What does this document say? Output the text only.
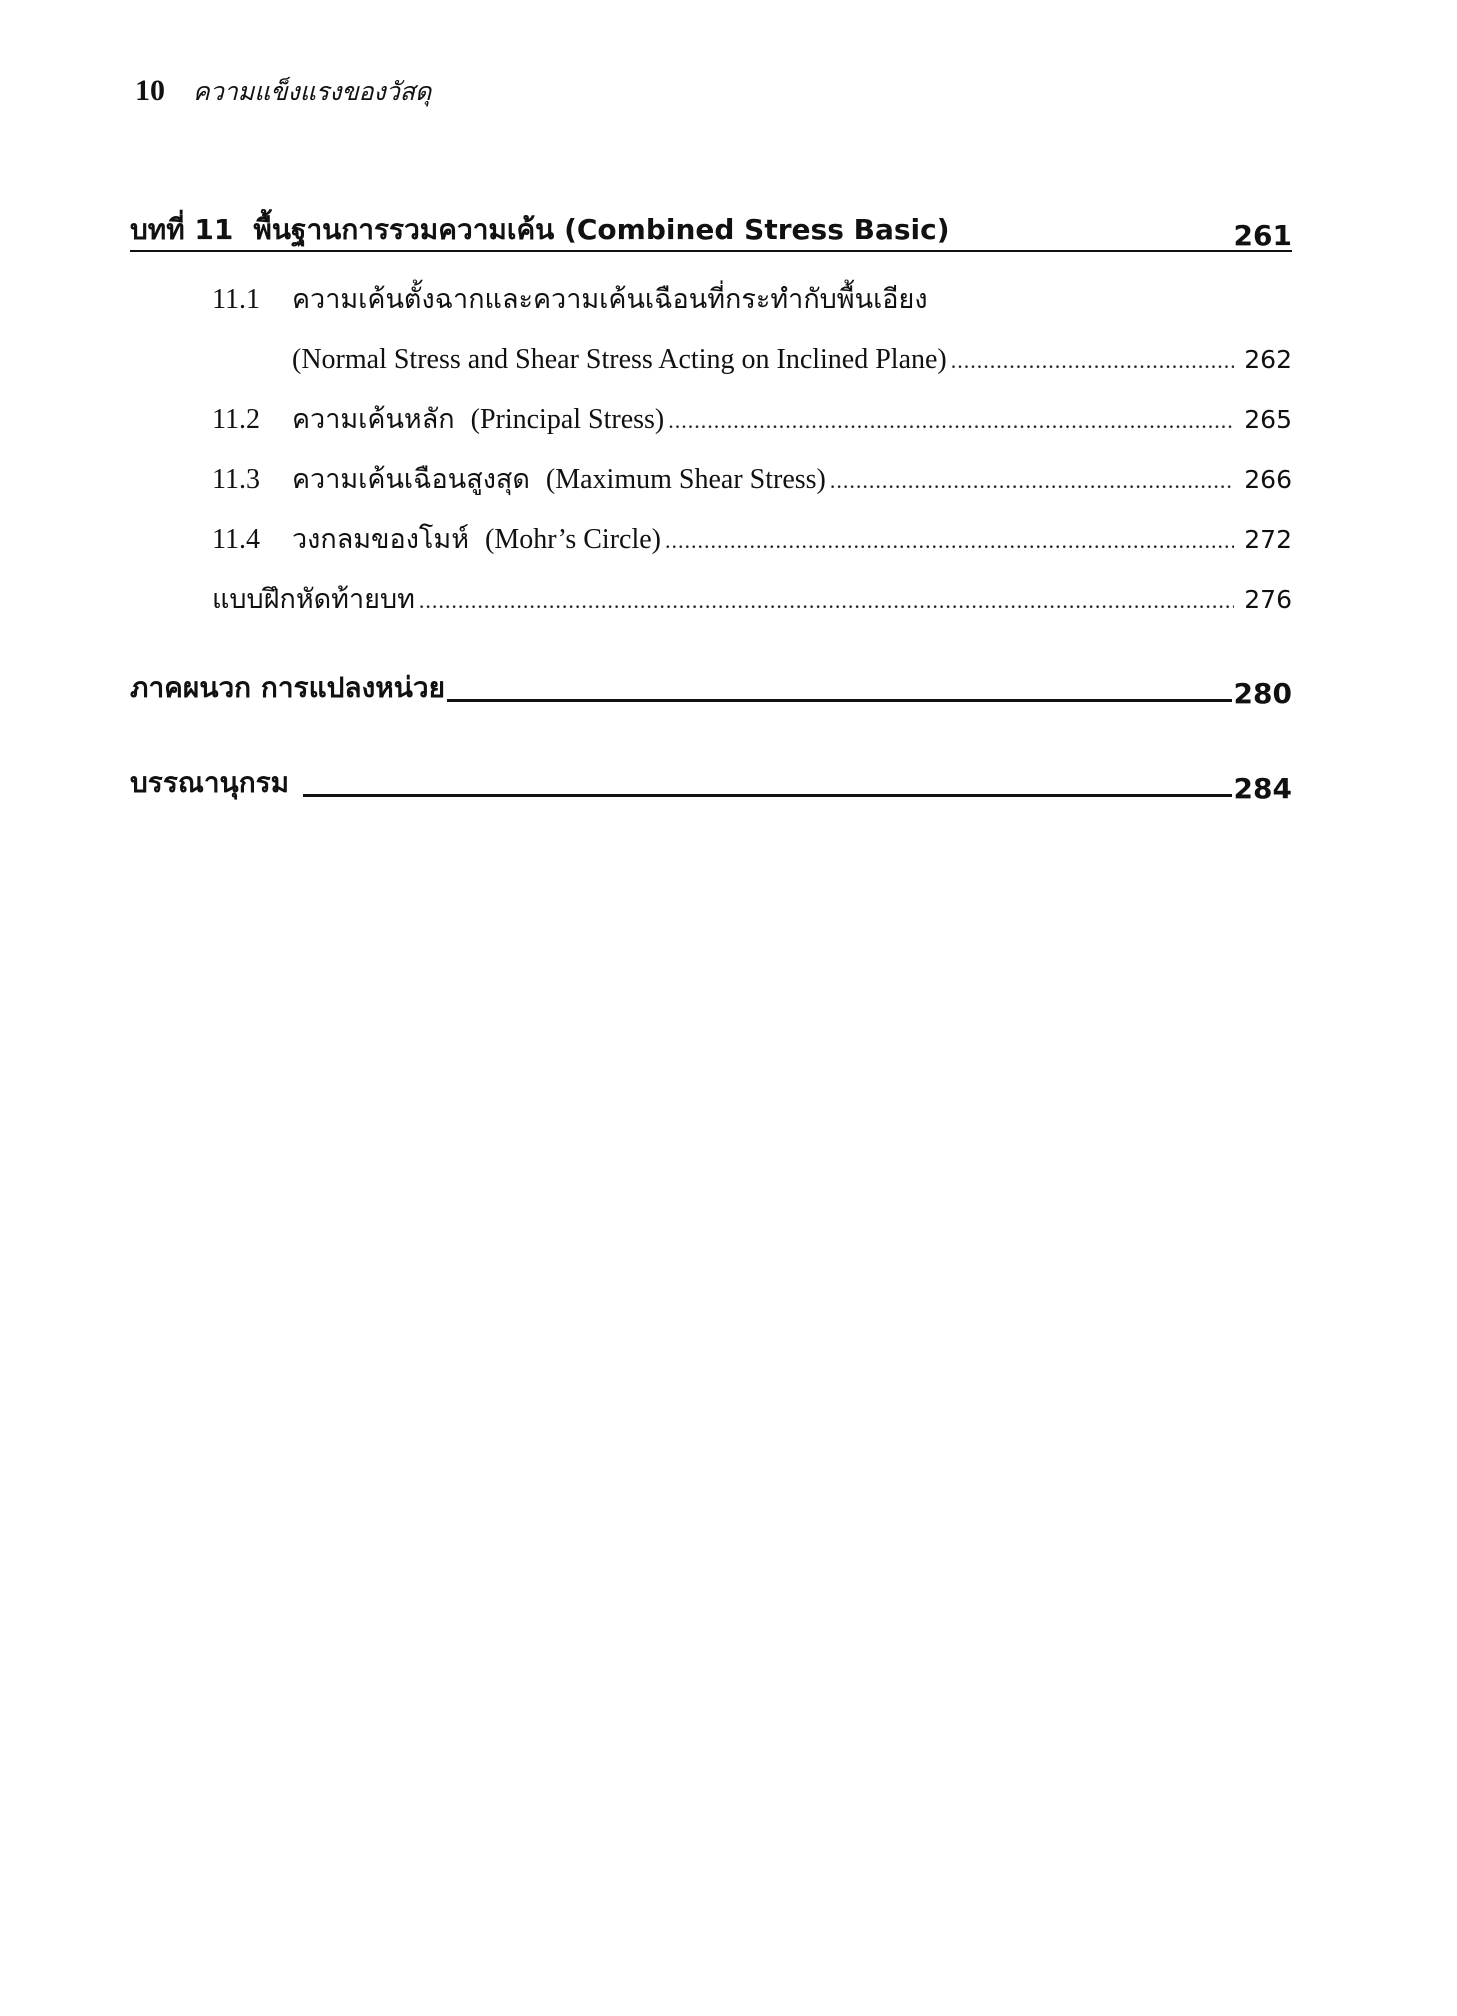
10 ความแข็งแรงของวัสดุ
บทที่ 11 พื้นฐานการรวมความเค้น (Combined Stress Basic)	261
11.1	ความเค้นตั้งฉากและความเค้นเฉือนที่กระทำกับพื้นเอียง
(Normal Stress and Shear Stress Acting on Inclined Plane) .....	262
11.2	ความเค้นหลัก (Principal Stress) .....	265
11.3	ความเค้นเฉือนสูงสุด (Maximum Shear Stress) .....	266
11.4	วงกลมของโมห์ (Mohr’s Circle) .....	272
แบบฝึกหัดท้ายบท .....	276
ภาคผนวก การแปลงหน่วย	280
บรรณานุกรม	284
